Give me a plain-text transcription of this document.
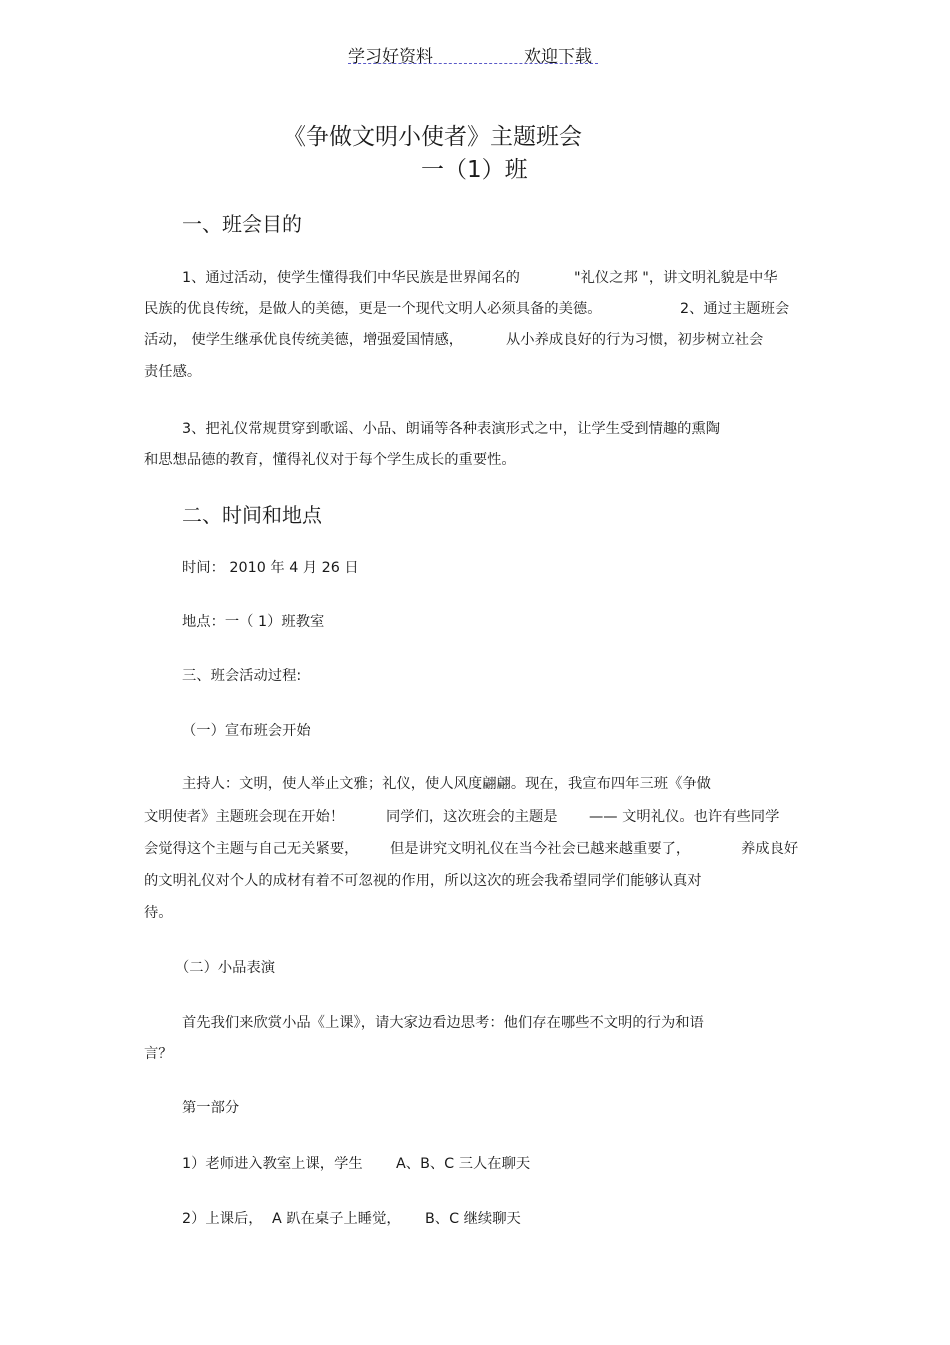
学习好资料	欢迎下载
《争做文明小使者》主题班会
一（1）班
一、班会目的
1、通过活动，使学生懂得我们中华民族是世界闻名的	"礼仪之邦 "，讲文明礼貌是中华
民族的优良传统，是做人的美德，更是一个现代文明人必须具备的美德。	2、通过主题班会
活动， 使学生继承优良传统美德，增强爱国情感，	从小养成良好的行为习惯，初步树立社会
责任感。
3、把礼仪常规贯穿到歌谣、小品、朗诵等各种表演形式之中，让学生受到情趣的熏陶
和思想品德的教育，懂得礼仪对于每个学生成长的重要性。
二、时间和地点
时间： 2010 年 4 月 26 日
地点：一（ 1）班教室
三、班会活动过程:
（一）宣布班会开始
主持人：文明，使人举止文雅；礼仪，使人风度翩翩。现在，我宣布四年三班《争做
文明使者》主题班会现在开始！	同学们，这次班会的主题是 —— 文明礼仪。也许有些同学
会觉得这个主题与自己无关紧要， 但是讲究文明礼仪在当今社会已越来越重要了，	养成良好
的文明礼仪对个人的成材有着不可忽视的作用，所以这次的班会我希望同学们能够认真对
待。
（二）小品表演
首先我们来欣赏小品《上课》，请大家边看边思考：他们存在哪些不文明的行为和语
言？
第一部分
1）老师进入教室上课，学生 A、B、C 三人在聊天
2）上课后， A 趴在桌子上睡觉， B、C 继续聊天
